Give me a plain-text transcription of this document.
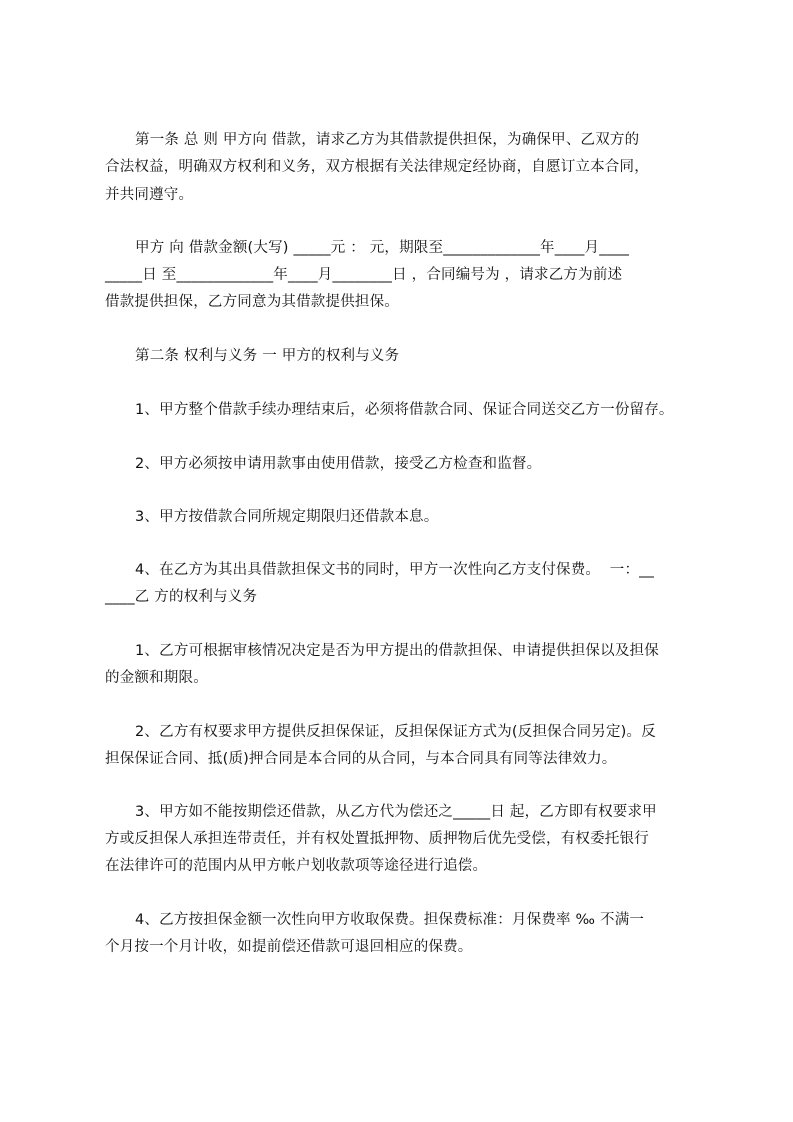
第一条 总 则 甲方向 借款，请求乙方为其借款提供担保，为确保甲、乙双方的
合法权益，明确双方权利和义务，双方根据有关法律规定经协商，自愿订立本合同，
并共同遵守。
甲方 向 借款金额(大写) _____元 ： 元，期限至_____________年____月____
_____日 至_____________年____月________日 ，合同编号为 ，请求乙方为前述
借款提供担保，乙方同意为其借款提供担保。
第二条 权利与义务 一 甲方的权利与义务
1、甲方整个借款手续办理结束后，必须将借款合同、保证合同送交乙方一份留存。
2、甲方必须按申请用款事由使用借款，接受乙方检查和监督。
3、甲方按借款合同所规定期限归还借款本息。
4、在乙方为其出具借款担保文书的同时，甲方一次性向乙方支付保费。  一：__
____乙 方的权利与义务
1、乙方可根据审核情况决定是否为甲方提出的借款担保、申请提供担保以及担保
的金额和期限。
2、乙方有权要求甲方提供反担保保证，反担保保证方式为(反担保合同另定)。反
担保保证合同、抵(质)押合同是本合同的从合同，与本合同具有同等法律效力。
3、甲方如不能按期偿还借款，从乙方代为偿还之_____日 起，乙方即有权要求甲
方或反担保人承担连带责任，并有权处置抵押物、质押物后优先受偿，有权委托银行
在法律许可的范围内从甲方帐户划收款项等途径进行追偿。
4、乙方按担保金额一次性向甲方收取保费。担保费标准：月保费率 ‰ 不满一
个月按一个月计收，如提前偿还借款可退回相应的保费。
